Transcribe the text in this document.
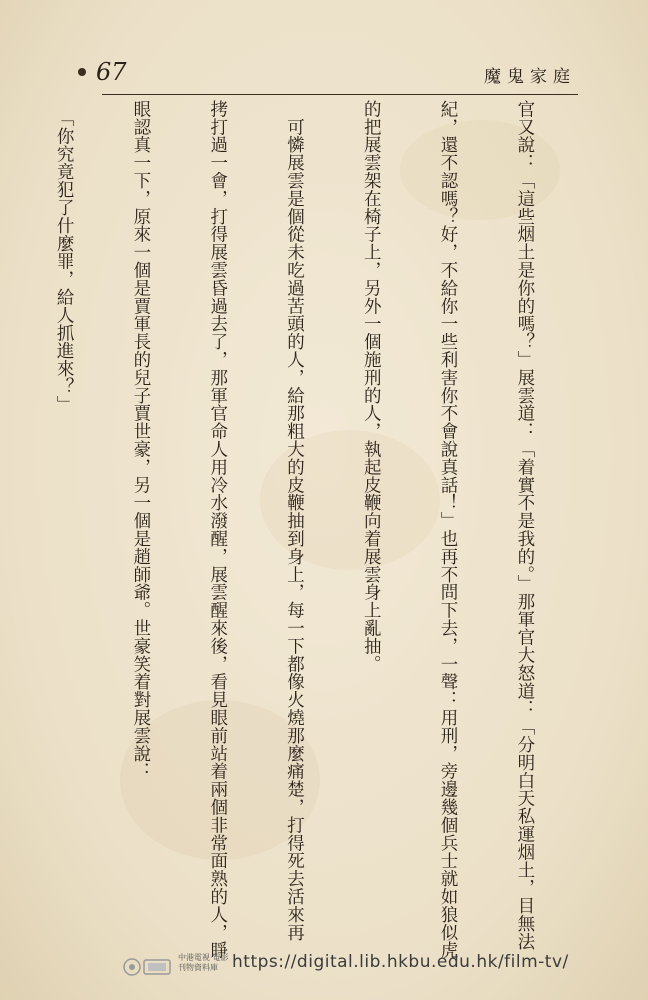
67	魔鬼家庭

官又說：「這些烟土是你的嗎？」展雲道：「着實不是我的。」那軍官大怒道：「分明白天私運烟土，目無法

紀，還不認嗎？好，不給你一些利害你不會說真話！」也再不問下去，一聲：用刑，旁邊幾個兵士就如狼似虎

的把展雲架在椅子上，另外一個施刑的人，執起皮鞭向着展雲身上亂抽。

　可憐展雲是個從未吃過苦頭的人，給那粗大的皮鞭抽到身上，每一下都像火燒那麼痛楚，打得死去活來再

拷打過一會，打得展雲昏過去了，那軍官命人用冷水潑醒，展雲醒來後，看見眼前站着兩個非常面熟的人，睜

眼認真一下，原來一個是賈軍長的兒子賈世豪，另一個是趙師爺。世豪笑着對展雲說：

　「你究竟犯了什麼罪，給人抓進來？」

中港電視·電影
刊物資料庫 https://digital.lib.hkbu.edu.hk/film-tv/
